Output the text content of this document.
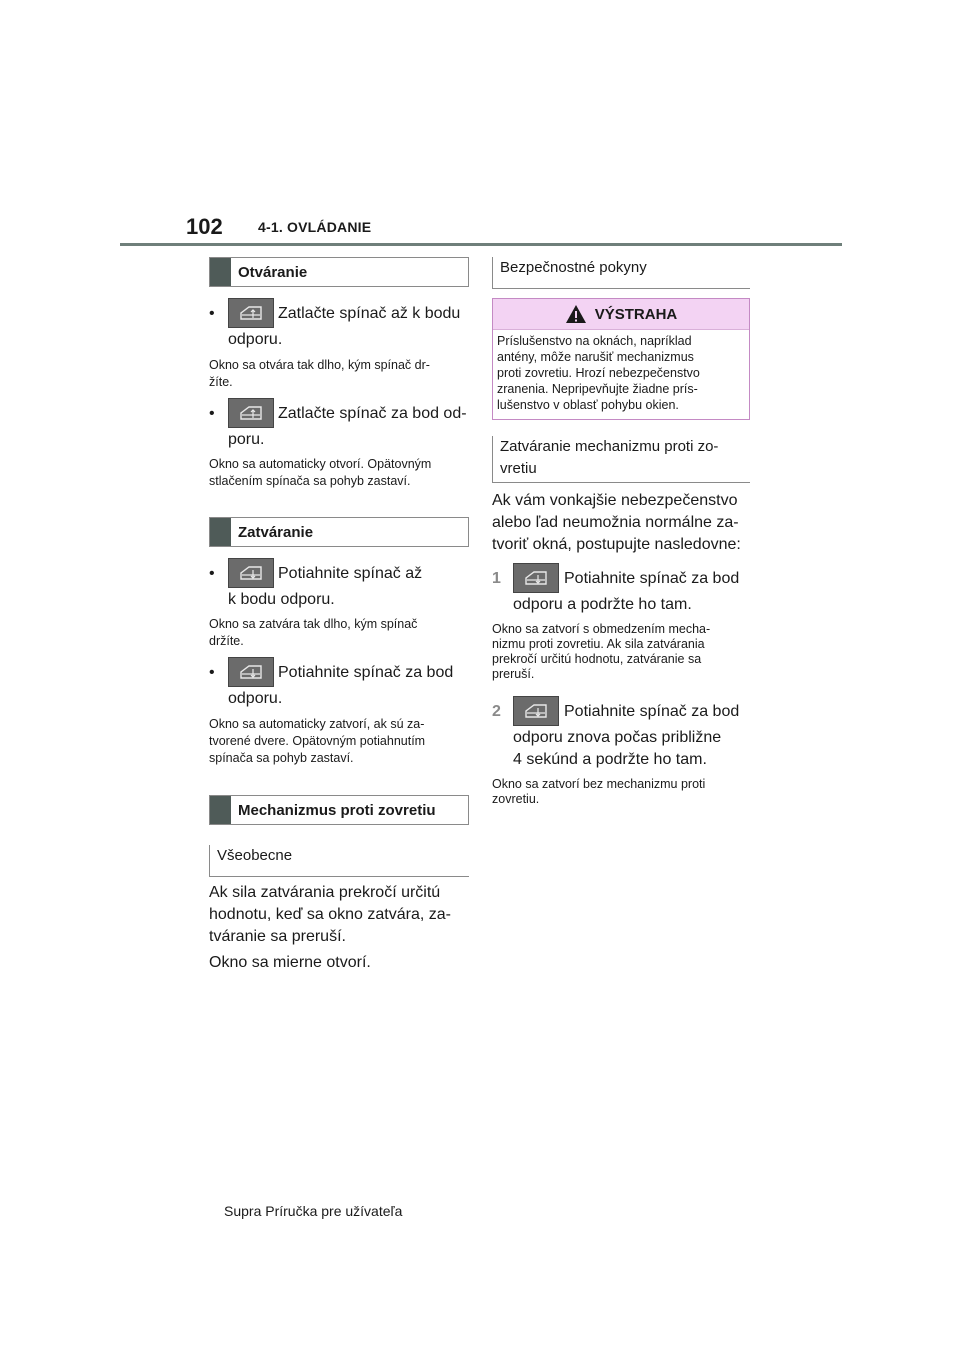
102	4-1. OVLÁDANIE
Otváranie
•	Zatlačte spínač až k bodu
odporu.
Okno sa otvára tak dlho, kým spínač dr-
žíte.
•	Zatlačte spínač za bod od-
poru.
Okno sa automaticky otvorí. Opätovným
stlačením spínača sa pohyb zastaví.
Zatváranie
•	Potiahnite spínač až
k bodu odporu.
Okno sa zatvára tak dlho, kým spínač
držíte.
•	Potiahnite spínač za bod
odporu.
Okno sa automaticky zatvorí, ak sú za-
tvorené dvere. Opätovným potiahnutím
spínača sa pohyb zastaví.
Mechanizmus proti zovretiu
Všeobecne
Ak sila zatvárania prekročí určitú
hodnotu, keď sa okno zatvára, za-
tváranie sa preruší.
Okno sa mierne otvorí.
Bezpečnostné pokyny
VÝSTRAHA
Príslušenstvo na oknách, napríklad
antény, môže narušiť mechanizmus
proti zovretiu. Hrozí nebezpečenstvo
zranenia. Nepripevňujte žiadne prís-
lušenstvo v oblasť pohybu okien.
Zatváranie mechanizmu proti zo-
vretiu
Ak vám vonkajšie nebezpečenstvo
alebo ľad neumožnia normálne za-
tvoriť okná, postupujte nasledovne:
1	Potiahnite spínač za bod
odporu a podržte ho tam.
Okno sa zatvorí s obmedzením mecha-
nizmu proti zovretiu. Ak sila zatvárania
prekročí určitú hodnotu, zatváranie sa
preruší.
2	Potiahnite spínač za bod
odporu znova počas približne
4 sekúnd a podržte ho tam.
Okno sa zatvorí bez mechanizmu proti
zovretiu.
Supra Príručka pre užívateľa
